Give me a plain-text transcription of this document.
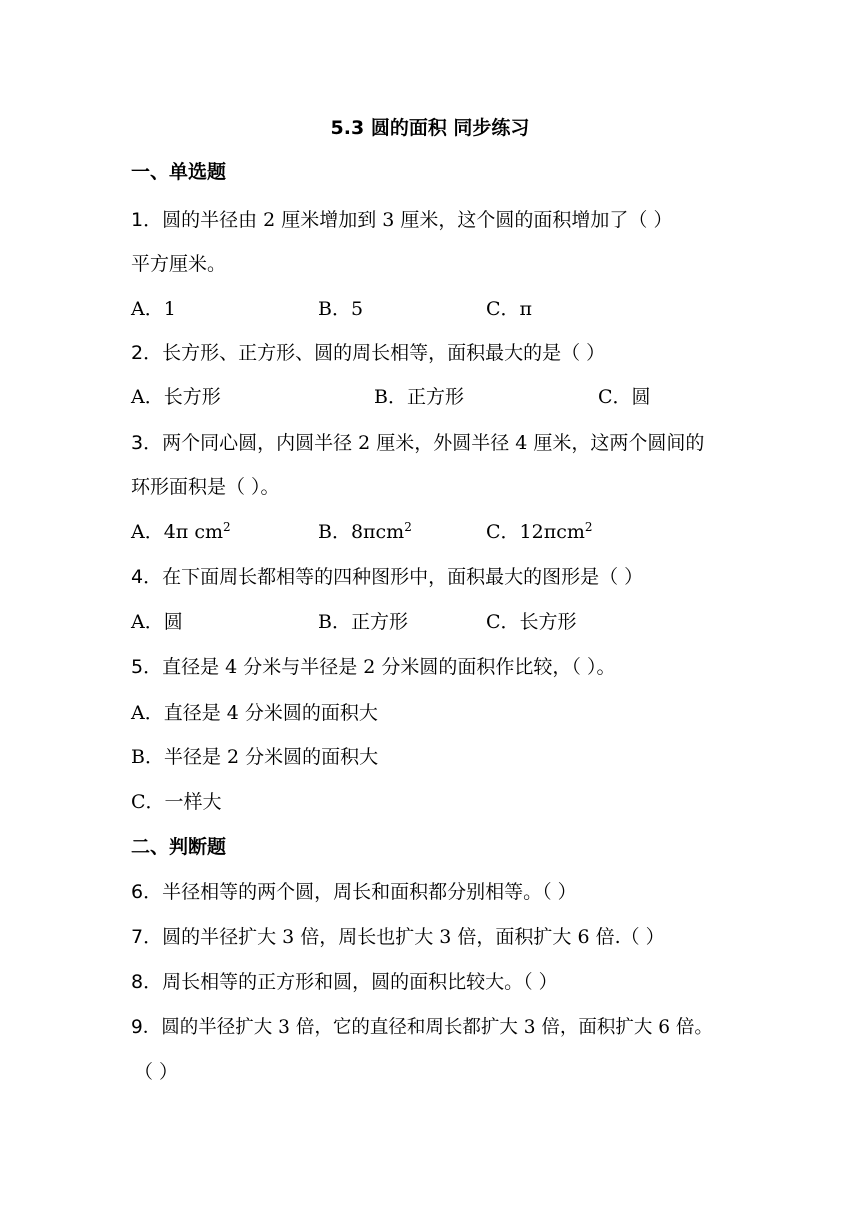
5.3 圆的面积 同步练习
一、单选题
1．圆的半径由 2 厘米增加到 3 厘米，这个圆的面积增加了（ ）
平方厘米。
A．1	B．5	C．π
2．长方形、正方形、圆的周长相等，面积最大的是（ ）
A．长方形	B．正方形	C．圆
3．两个同心圆，内圆半径 2 厘米，外圆半径 4 厘米，这两个圆间的
环形面积是（ ）。
A．4π $cm^2$	B．8πcm$^2$	C．12πcm$^2$
4．在下面周长都相等的四种图形中，面积最大的图形是（ ）
A．圆	B．正方形	C．长方形
5．直径是 4 分米与半径是 2 分米圆的面积作比较，（ ）。
A．直径是 4 分米圆的面积大
B．半径是 2 分米圆的面积大
C．一样大
二、判断题
6．半径相等的两个圆，周长和面积都分别相等。（ ）
7．圆的半径扩大 3 倍，周长也扩大 3 倍，面积扩大 6 倍.（ ）
8．周长相等的正方形和圆，圆的面积比较大。（ ）
9．圆的半径扩大 3 倍，它的直径和周长都扩大 3 倍，面积扩大 6 倍。
（ ）
